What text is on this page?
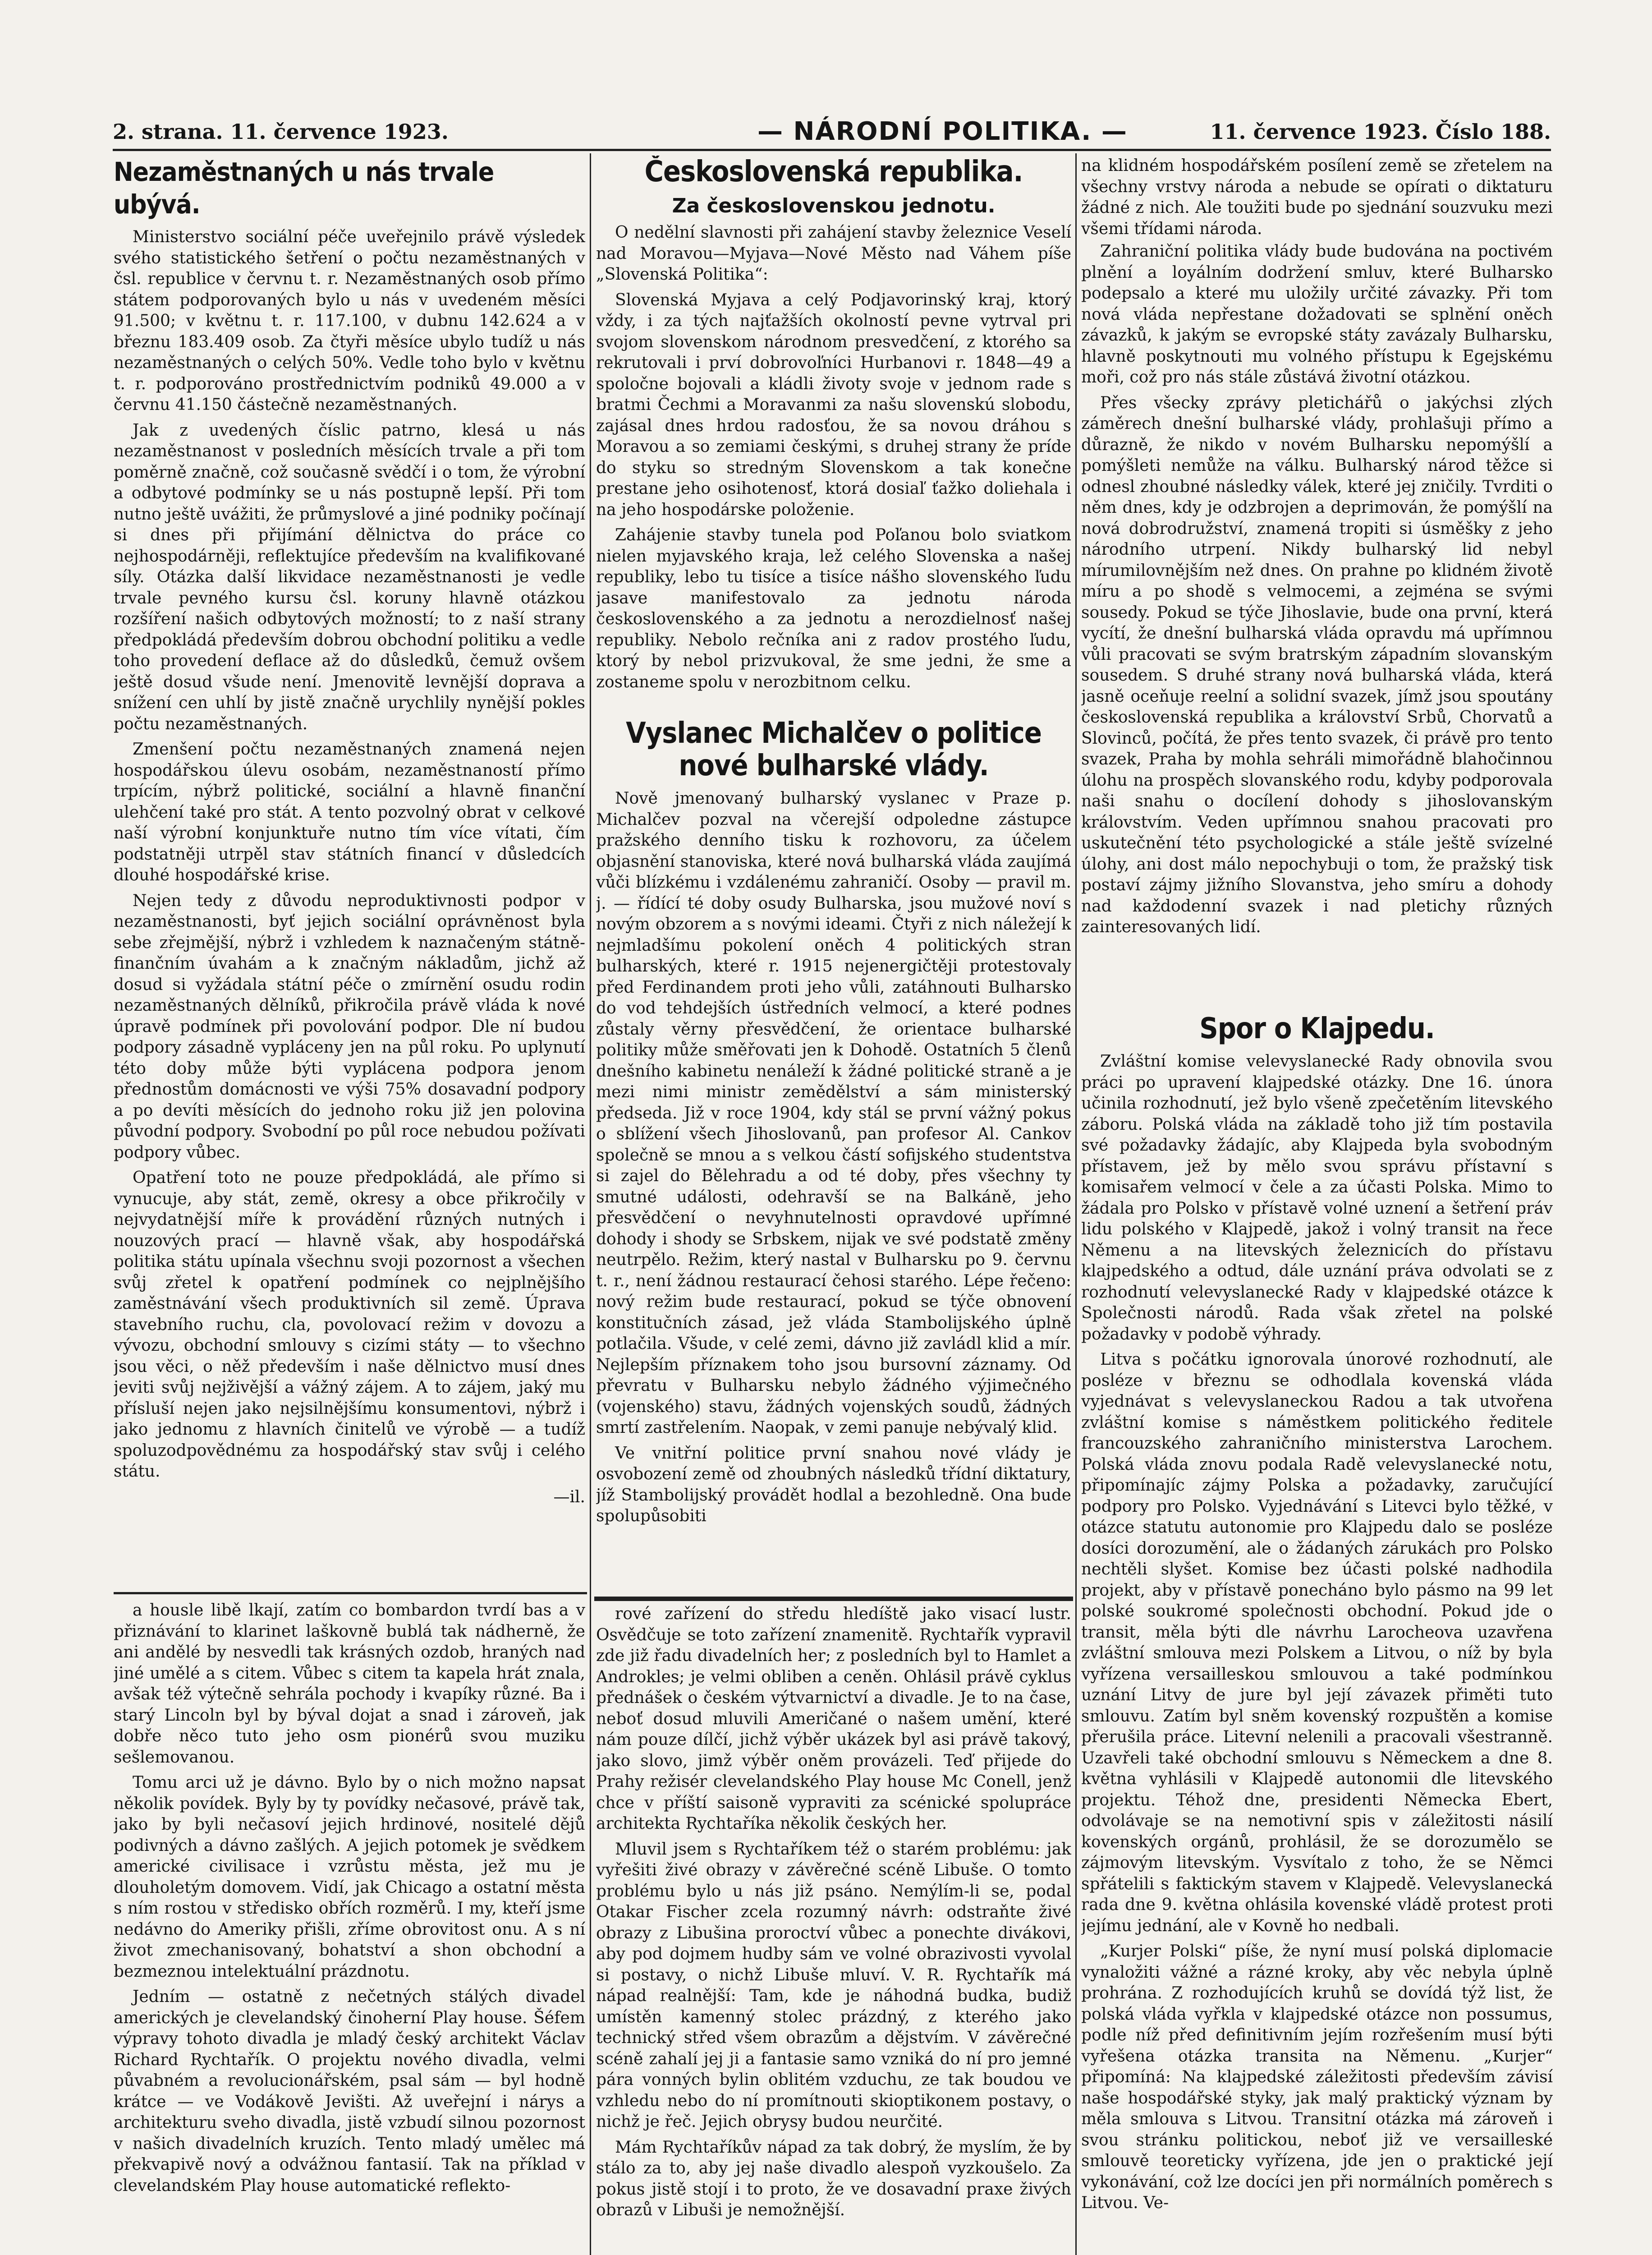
2. strana. 11. července 1923.	— NÁRODNÍ POLITIKA. —	11. července 1923. Číslo 188.
Nezaměstnaných u nás trvale ubývá.

Ministerstvo sociální péče uveřejnilo právě výsledek svého statistického šetření o počtu nezaměstnaných v čsl. republice v červnu t. r. Nezaměstnaných osob přímo státem podporovaných bylo u nás v uvedeném měsíci 91.500; v květnu t. r. 117.100, v dubnu 142.624 a v březnu 183.409 osob. Za čtyři měsíce ubylo tudíž u nás nezaměstnaných o celých 50%. Vedle toho bylo v květnu t. r. podporováno prostřednictvím podniků 49.000 a v červnu 41.150 částečně nezaměstnaných.

Jak z uvedených číslic patrno, klesá u nás nezaměstnanost v posledních měsících trvale a při tom poměrně značně, což současně svědčí i o tom, že výrobní a odbytové podmínky se u nás postupně lepší. Při tom nutno ještě uvážiti, že průmyslové a jiné podniky počínají si dnes při přijímání dělnictva do práce co nejhospodárněji, reflektujíce především na kvalifikované síly. Otázka další likvidace nezaměstnanosti je vedle trvale pevného kursu čsl. koruny hlavně otázkou rozšíření našich odbytových možností; to z naší strany předpokládá především dobrou obchodní politiku a vedle toho provedení deflace až do důsledků, čemuž ovšem ještě dosud všude není. Jmenovitě levnější doprava a snížení cen uhlí by jistě značně urychlily nynější pokles počtu nezaměstnaných.

Zmenšení počtu nezaměstnaných znamená nejen hospodářskou úlevu osobám, nezaměstnaností přímo trpícím, nýbrž politické, sociální a hlavně finanční ulehčení také pro stát. A tento pozvolný obrat v celkové naší výrobní konjunktuře nutno tím více vítati, čím podstatněji utrpěl stav státních financí v důsledcích dlouhé hospodářské krise.

Nejen tedy z důvodu neproduktivnosti podpor v nezaměstnanosti, byť jejich sociální oprávněnost byla sebe zřejmější, nýbrž i vzhledem k naznačeným státně-finančním úvahám a k značným nákladům, jichž až dosud si vyžádala státní péče o zmírnění osudu rodin nezaměstnaných dělníků, přikročila právě vláda k nové úpravě podmínek při povolování podpor. Dle ní budou podpory zásadně vypláceny jen na půl roku. Po uplynutí této doby může býti vyplácena podpora jenom přednostům domácnosti ve výši 75% dosavadní podpory a po devíti měsících do jednoho roku již jen polovina původní podpory. Svobodní po půl roce nebudou požívati podpory vůbec.

Opatření toto ne pouze předpokládá, ale přímo si vynucuje, aby stát, země, okresy a obce přikročily v nejvydatnější míře k provádění různých nutných i nouzových prací — hlavně však, aby hospodářská politika státu upínala všechnu svoji pozornost a všechen svůj zřetel k opatření podmínek co nejplnějšího zaměstnávání všech produktivních sil země. Úprava stavebního ruchu, cla, povolovací režim v dovozu a vývozu, obchodní smlouvy s cizími státy — to všechno jsou věci, o něž především i naše dělnictvo musí dnes jeviti svůj nejživější a vážný zájem. A to zájem, jaký mu přísluší nejen jako nejsilnějšímu konsumentovi, nýbrž i jako jednomu z hlavních činitelů ve výrobě — a tudíž spoluzodpovědnému za hospodářský stav svůj i celého státu.

—il.

a housle libě lkají, zatím co bombardon tvrdí bas a v přiznávání to klarinet laškovně bublá tak nádherně, že ani andělé by nesvedli tak krásných ozdob, hraných nad jiné umělé a s citem. Vůbec s citem ta kapela hrát znala, avšak též výtečně sehrála pochody i kvapíky různé. Ba i starý Lincoln byl by býval dojat a snad i zároveň, jak dobře něco tuto jeho osm pionérů svou muziku sešlemovanou.

Tomu arci už je dávno. Bylo by o nich možno napsat několik povídek. Byly by ty povídky nečasové, právě tak, jako by byli nečasoví jejich hrdinové, nositelé dějů podivných a dávno zašlých. A jejich potomek je svědkem americké civilisace i vzrůstu města, jež mu je dlouholetým domovem. Vidí, jak Chicago a ostatní města s ním rostou v středisko obřích rozměrů. I my, kteří jsme nedávno do Ameriky přišli, zříme obrovitost onu. A s ní život zmechanisovaný, bohatství a shon obchodní a bezmeznou intelektuální prázdnotu.

Jedním — ostatně z nečetných stálých divadel amerických je clevelandský činoherní Play house. Šéfem výpravy tohoto divadla je mladý český architekt Václav Richard Rychtařík. O projektu nového divadla, velmi půvabném a revolucionářském, psal sám — byl hodně krátce — ve Vodákově Jevišti. Až uveřejní i nárys a architekturu sveho divadla, jistě vzbudí silnou pozornost v našich divadelních kruzích. Tento mladý umělec má překvapivě nový a odvážnou fantasií. Tak na příklad v clevelandském Play house automatické reflekto-

Československá republika.
Za československou jednotu.

O nedělní slavnosti při zahájení stavby železnice Veselí nad Moravou—Myjava—Nové Město nad Váhem píše „Slovenská Politika“:

Slovenská Myjava a celý Podjavorinský kraj, ktorý vždy, i za tých najťažších okolností pevne vytrval pri svojom slovenskom národnom presvedčení, z ktorého sa rekrutovali i prví dobrovoľníci Hurbanovi r. 1848—49 a spoločne bojovali a kládli životy svoje v jednom rade s bratmi Čechmi a Moravanmi za našu slovenskú slobodu, zajásal dnes hrdou radosťou, že sa novou dráhou s Moravou a so zemiami českými, s druhej strany že príde do styku so stredným Slovenskom a tak konečne prestane jeho osihotenosť, ktorá dosiaľ ťažko doliehala i na jeho hospodárske položenie.

Zahájenie stavby tunela pod Poľanou bolo sviatkom nielen myjavského kraja, lež celého Slovenska a našej republiky, lebo tu tisíce a tisíce nášho slovenského ľudu jasave manifestovalo za jednotu národa československého a za jednotu a nerozdielnosť našej republiky. Nebolo rečníka ani z radov prostého ľudu, ktorý by nebol prizvukoval, že sme jedni, že sme a zostaneme spolu v nerozbitnom celku.

Vyslanec Michalčev o politice nové bulharské vlády.

Nově jmenovaný bulharský vyslanec v Praze p. Michalčev pozval na včerejší odpoledne zástupce pražského denního tisku k rozhovoru, za účelem objasnění stanoviska, které nová bulharská vláda zaujímá vůči blízkému i vzdálenému zahraničí. Osoby — pravil m. j. — řídící té doby osudy Bulharska, jsou mužové noví s novým obzorem a s novými ideami. Čtyři z nich náležejí k nejmladšímu pokolení oněch 4 politických stran bulharských, které r. 1915 nejenergičtěji protestovaly před Ferdinandem proti jeho vůli, zatáhnouti Bulharsko do vod tehdejších ústředních velmocí, a které podnes zůstaly věrny přesvědčení, že orientace bulharské politiky může směřovati jen k Dohodě. Ostatních 5 členů dnešního kabinetu nenáleží k žádné politické straně a je mezi nimi ministr zemědělství a sám ministerský předseda. Již v roce 1904, kdy stál se první vážný pokus o sblížení všech Jihoslovanů, pan profesor Al. Cankov společně se mnou a s velkou částí sofijského studentstva si zajel do Bělehradu a od té doby, přes všechny ty smutné události, odehravší se na Balkáně, jeho přesvědčení o nevyhnutelnosti opravdové upřímné dohody i shody se Srbskem, nijak ve své podstatě změny neutrpělo. Režim, který nastal v Bulharsku po 9. červnu t. r., není žádnou restaurací čehosi starého. Lépe řečeno: nový režim bude restaurací, pokud se týče obnovení konstitučních zásad, jež vláda Stambolijského úplně potlačila. Všude, v celé zemi, dávno již zavládl klid a mír. Nejlepším příznakem toho jsou bursovní záznamy. Od převratu v Bulharsku nebylo žádného výjimečného (vojenského) stavu, žádných vojenských soudů, žádných smrtí zastřelením. Naopak, v zemi panuje nebývalý klid.

Ve vnitřní politice první snahou nové vlády je osvobození země od zhoubných následků třídní diktatury, jíž Stambolijský provádět hodlal a bezohledně. Ona bude spolupůsobiti

rové zařízení do středu hledíště jako visací lustr. Osvědčuje se toto zařízení znamenitě. Rychtařík vypravil zde již řadu divadelních her; z posledních byl to Hamlet a Androkles; je velmi obliben a ceněn. Ohlásil právě cyklus přednášek o českém výtvarnictví a divadle. Je to na čase, neboť dosud mluvili Američané o našem umění, které nám pouze dílčí, jichž výběr ukázek byl asi právě takový, jako slovo, jimž výběr oněm provázeli. Teď přijede do Prahy režisér clevelandského Play house Mc Conell, jenž chce v příští saisoně vypraviti za scénické spolupráce architekta Rychtaříka několik českých her.

Mluvil jsem s Rychtaříkem též o starém problému: jak vyřešiti živé obrazy v závěrečné scéně Libuše. O tomto problému bylo u nás již psáno. Nemýlím-li se, podal Otakar Fischer zcela rozumný návrh: odstraňte živé obrazy z Libušina proroctví vůbec a ponechte divákovi, aby pod dojmem hudby sám ve volné obrazivosti vyvolal si postavy, o nichž Libuše mluví. V. R. Rychtařík má nápad realnější: Tam, kde je náhodná budka, budiž umístěn kamenný stolec prázdný, z kterého jako technický střed všem obrazům a dějstvím. V závěrečné scéně zahalí jej ji a fantasie samo vzniká do ní pro jemné pára vonných bylin oblitém vzduchu, ze tak boudou ve vzhledu nebo do ní promítnouti skioptikonem postavy, o nichž je řeč. Jejich obrysy budou neurčité.

Mám Rychtaříkův nápad za tak dobrý, že myslím, že by stálo za to, aby jej naše divadlo alespoň vyzkoušelo. Za pokus jistě stojí i to proto, že ve dosavadní praxe živých obrazů v Libuši je nemožnější.

na klidném hospodářském posílení země se zřetelem na všechny vrstvy národa a nebude se opírati o diktaturu žádné z nich. Ale toužiti bude po sjednání souzvuku mezi všemi třídami národa.

Zahraniční politika vlády bude budována na poctivém plnění a loyálním dodržení smluv, které Bulharsko podepsalo a které mu uložily určité závazky. Při tom nová vláda nepřestane dožadovati se splnění oněch závazků, k jakým se evropské státy zavázaly Bulharsku, hlavně poskytnouti mu volného přístupu k Egejskému moři, což pro nás stále zůstává životní otázkou.

Přes všecky zprávy pletichářů o jakýchsi zlých záměrech dnešní bulharské vlády, prohlašuji přímo a důrazně, že nikdo v novém Bulharsku nepomýšlí a pomýšleti nemůže na válku. Bulharský národ těžce si odnesl zhoubné následky válek, které jej zničily. Tvrditi o něm dnes, kdy je odzbrojen a deprimován, že pomýšlí na nová dobrodružství, znamená tropiti si úsměšky z jeho národního utrpení. Nikdy bulharský lid nebyl mírumilovnějším než dnes. On prahne po klidném životě míru a po shodě s velmocemi, a zejména se svými sousedy. Pokud se týče Jihoslavie, bude ona první, která vycítí, že dnešní bulharská vláda opravdu má upřímnou vůli pracovati se svým bratrským západním slovanským sousedem. S druhé strany nová bulharská vláda, která jasně oceňuje reelní a solidní svazek, jímž jsou spoutány československá republika a království Srbů, Chorvatů a Slovinců, počítá, že přes tento svazek, či právě pro tento svazek, Praha by mohla sehráli mimořádně blahočinnou úlohu na prospěch slovanského rodu, kdyby podporovala naši snahu o docílení dohody s jihoslovanským královstvím. Veden upřímnou snahou pracovati pro uskutečnění této psychologické a stále ještě svízelné úlohy, ani dost málo nepochybuji o tom, že pražský tisk postaví zájmy jižního Slovanstva, jeho smíru a dohody nad každodenní svazek i nad pletichy různých zainteresovaných lidí.

Spor o Klajpedu.

Zvláštní komise velevyslanecké Rady obnovila svou práci po upravení klajpedské otázky. Dne 16. února učinila rozhodnutí, jež bylo všeně zpečetěním litevského záboru. Polská vláda na základě toho již tím postavila své požadavky žádajíc, aby Klajpeda byla svobodným přístavem, jež by mělo svou správu přístavní s komisařem velmocí v čele a za účasti Polska. Mimo to žádala pro Polsko v přístavě volné uznení a šetření práv lidu polského v Klajpedě, jakož i volný transit na řece Němenu a na litevských železnicích do přístavu klajpedského a odtud, dále uznání práva odvolati se z rozhodnutí velevyslanecké Rady v klajpedské otázce k Společnosti národů. Rada však zřetel na polské požadavky v podobě výhrady.

Litva s počátku ignorovala únorové rozhodnutí, ale posléze v březnu se odhodlala kovenská vláda vyjednávat s velevyslaneckou Radou a tak utvořena zvláštní komise s náměstkem politického ředitele francouzského zahraničního ministerstva Larochem. Polská vláda znovu podala Radě velevyslanecké notu, připomínajíc zájmy Polska a požadavky, zaručující podpory pro Polsko. Vyjednávání s Litevci bylo těžké, v otázce statutu autonomie pro Klajpedu dalo se posléze dosíci dorozumění, ale o žádaných zárukách pro Polsko nechtěli slyšet. Komise bez účasti polské nadhodila projekt, aby v přístavě ponecháno bylo pásmo na 99 let polské soukromé společnosti obchodní. Pokud jde o transit, měla býti dle návrhu Larocheova uzavřena zvláštní smlouva mezi Polskem a Litvou, o níž by byla vyřízena versailleskou smlouvou a také podmínkou uznání Litvy de jure byl její závazek přiměti tuto smlouvu. Zatím byl sněm kovenský rozpuštěn a komise přerušila práce. Litevní nelenili a pracovali všestranně. Uzavřeli také obchodní smlouvu s Německem a dne 8. května vyhlásili v Klajpedě autonomii dle litevského projektu. Téhož dne, presidenti Německa Ebert, odvolávaje se na nemotivní spis v záležitosti násilí kovenských orgánů, prohlásil, že se dorozumělo se zájmovým litevským. Vysvítalo z toho, že se Němci spřátelili s faktickým stavem v Klajpedě. Velevyslanecká rada dne 9. května ohlásila kovenské vládě protest proti jejímu jednání, ale v Kovně ho nedbali.

„Kurjer Polski“ píše, že nyní musí polská diplomacie vynaložiti vážné a rázné kroky, aby věc nebyla úplně prohrána. Z rozhodujících kruhů se dovídá týž list, že polská vláda vyřkla v klajpedské otázce non possumus, podle níž před definitivním jejím rozřešením musí býti vyřešena otázka transita na Němenu. „Kurjer“ připomíná: Na klajpedské záležitosti především závisí naše hospodářské styky, jak malý praktický význam by měla smlouva s Litvou. Transitní otázka má zároveň i svou stránku politickou, neboť již ve versailleské smlouvě teoreticky vyřízena, jde jen o praktické její vykonávání, což lze docíci jen při normálních poměrech s Litvou. Ve-
